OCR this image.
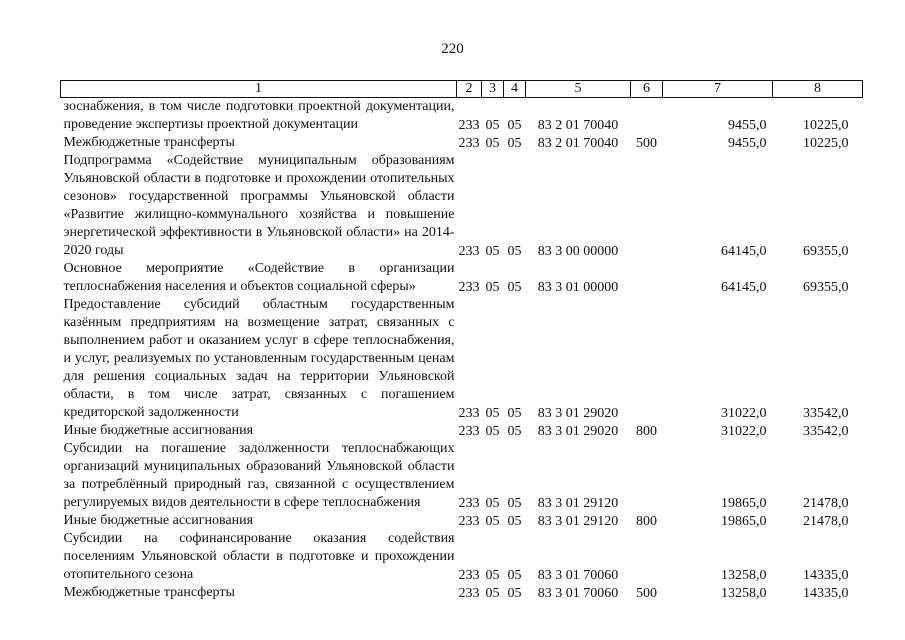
220
1	2	3	4	5	6	7	8
зоснабжения, в том числе подготовки проектной документации, проведение экспертизы проектной документации	233	05	05	83 2 01 70040		9455,0	10225,0
Межбюджетные трансферты	233	05	05	83 2 01 70040	500	9455,0	10225,0
Подпрограмма «Содействие муниципальным образованиям Ульяновской области в подготовке и прохождении отопительных сезонов» государственной программы Ульяновской области «Развитие жилищно-коммунального хозяйства и повышение энергетической эффективности в Ульяновской области» на 2014-2020 годы	233	05	05	83 3 00 00000		64145,0	69355,0
Основное мероприятие «Содействие в организации теплоснабжения населения и объектов социальной сферы»	233	05	05	83 3 01 00000		64145,0	69355,0
Предоставление субсидий областным государственным казённым предприятиям на возмещение затрат, связанных с выполнением работ и оказанием услуг в сфере теплоснабжения, и услуг, реализуемых по установленным государственным ценам для решения социальных задач на территории Ульяновской области, в том числе затрат, связанных с погашением кредиторской задолженности	233	05	05	83 3 01 29020		31022,0	33542,0
Иные бюджетные ассигнования	233	05	05	83 3 01 29020	800	31022,0	33542,0
Субсидии на погашение задолженности теплоснабжающих организаций муниципальных образований Ульяновской области за потреблённый природный газ, связанной с осуществлением регулируемых видов деятельности в сфере теплоснабжения	233	05	05	83 3 01 29120		19865,0	21478,0
Иные бюджетные ассигнования	233	05	05	83 3 01 29120	800	19865,0	21478,0
Субсидии на софинансирование оказания содействия поселениям Ульяновской области в подготовке и прохождении отопительного сезона	233	05	05	83 3 01 70060		13258,0	14335,0
Межбюджетные трансферты	233	05	05	83 3 01 70060	500	13258,0	14335,0
